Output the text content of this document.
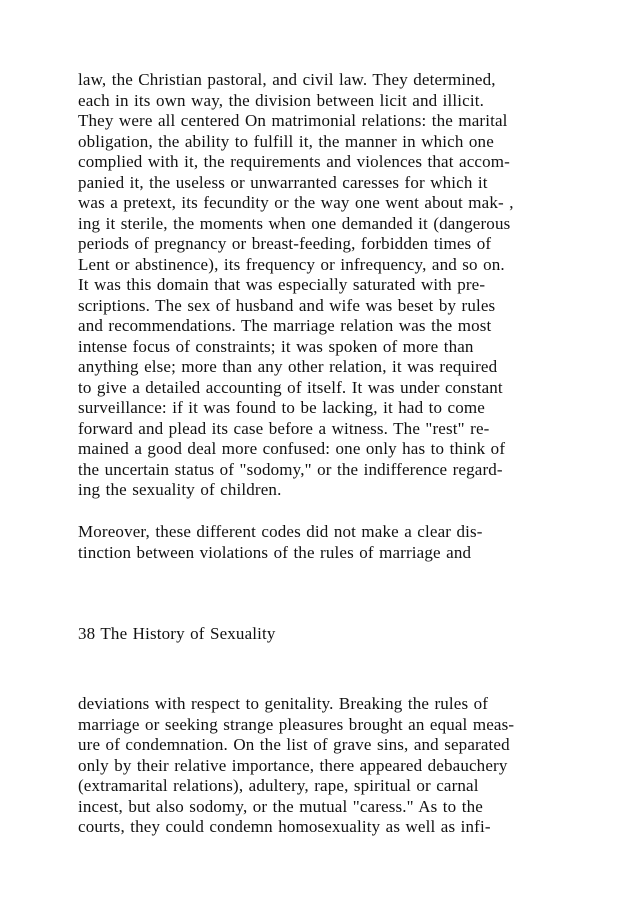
law, the Christian pastoral, and civil law. They determined,
each in its own way, the division between licit and illicit.
They were all centered On matrimonial relations: the marital
obligation, the ability to fulfill it, the manner in which one
complied with it, the requirements and violences that accom-
panied it, the useless or unwarranted caresses for which it
was a pretext, its fecundity or the way one went about mak- ,
ing it sterile, the moments when one demanded it (dangerous
periods of pregnancy or breast-feeding, forbidden times of
Lent or abstinence), its frequency or infrequency, and so on.
It was this domain that was especially saturated with pre-
scriptions. The sex of husband and wife was beset by rules
and recommendations. The marriage relation was the most
intense focus of constraints; it was spoken of more than
anything else; more than any other relation, it was required
to give a detailed accounting of itself. It was under constant
surveillance: if it was found to be lacking, it had to come
forward and plead its case before a witness. The "rest" re-
mained a good deal more confused: one only has to think of
the uncertain status of "sodomy," or the indifference regard-
ing the sexuality of children.
Moreover, these different codes did not make a clear dis-
tinction between violations of the rules of marriage and
38 The History of Sexuality
deviations with respect to genitality. Breaking the rules of
marriage or seeking strange pleasures brought an equal meas-
ure of condemnation. On the list of grave sins, and separated
only by their relative importance, there appeared debauchery
(extramarital relations), adultery, rape, spiritual or carnal
incest, but also sodomy, or the mutual "caress." As to the
courts, they could condemn homosexuality as well as infi-
